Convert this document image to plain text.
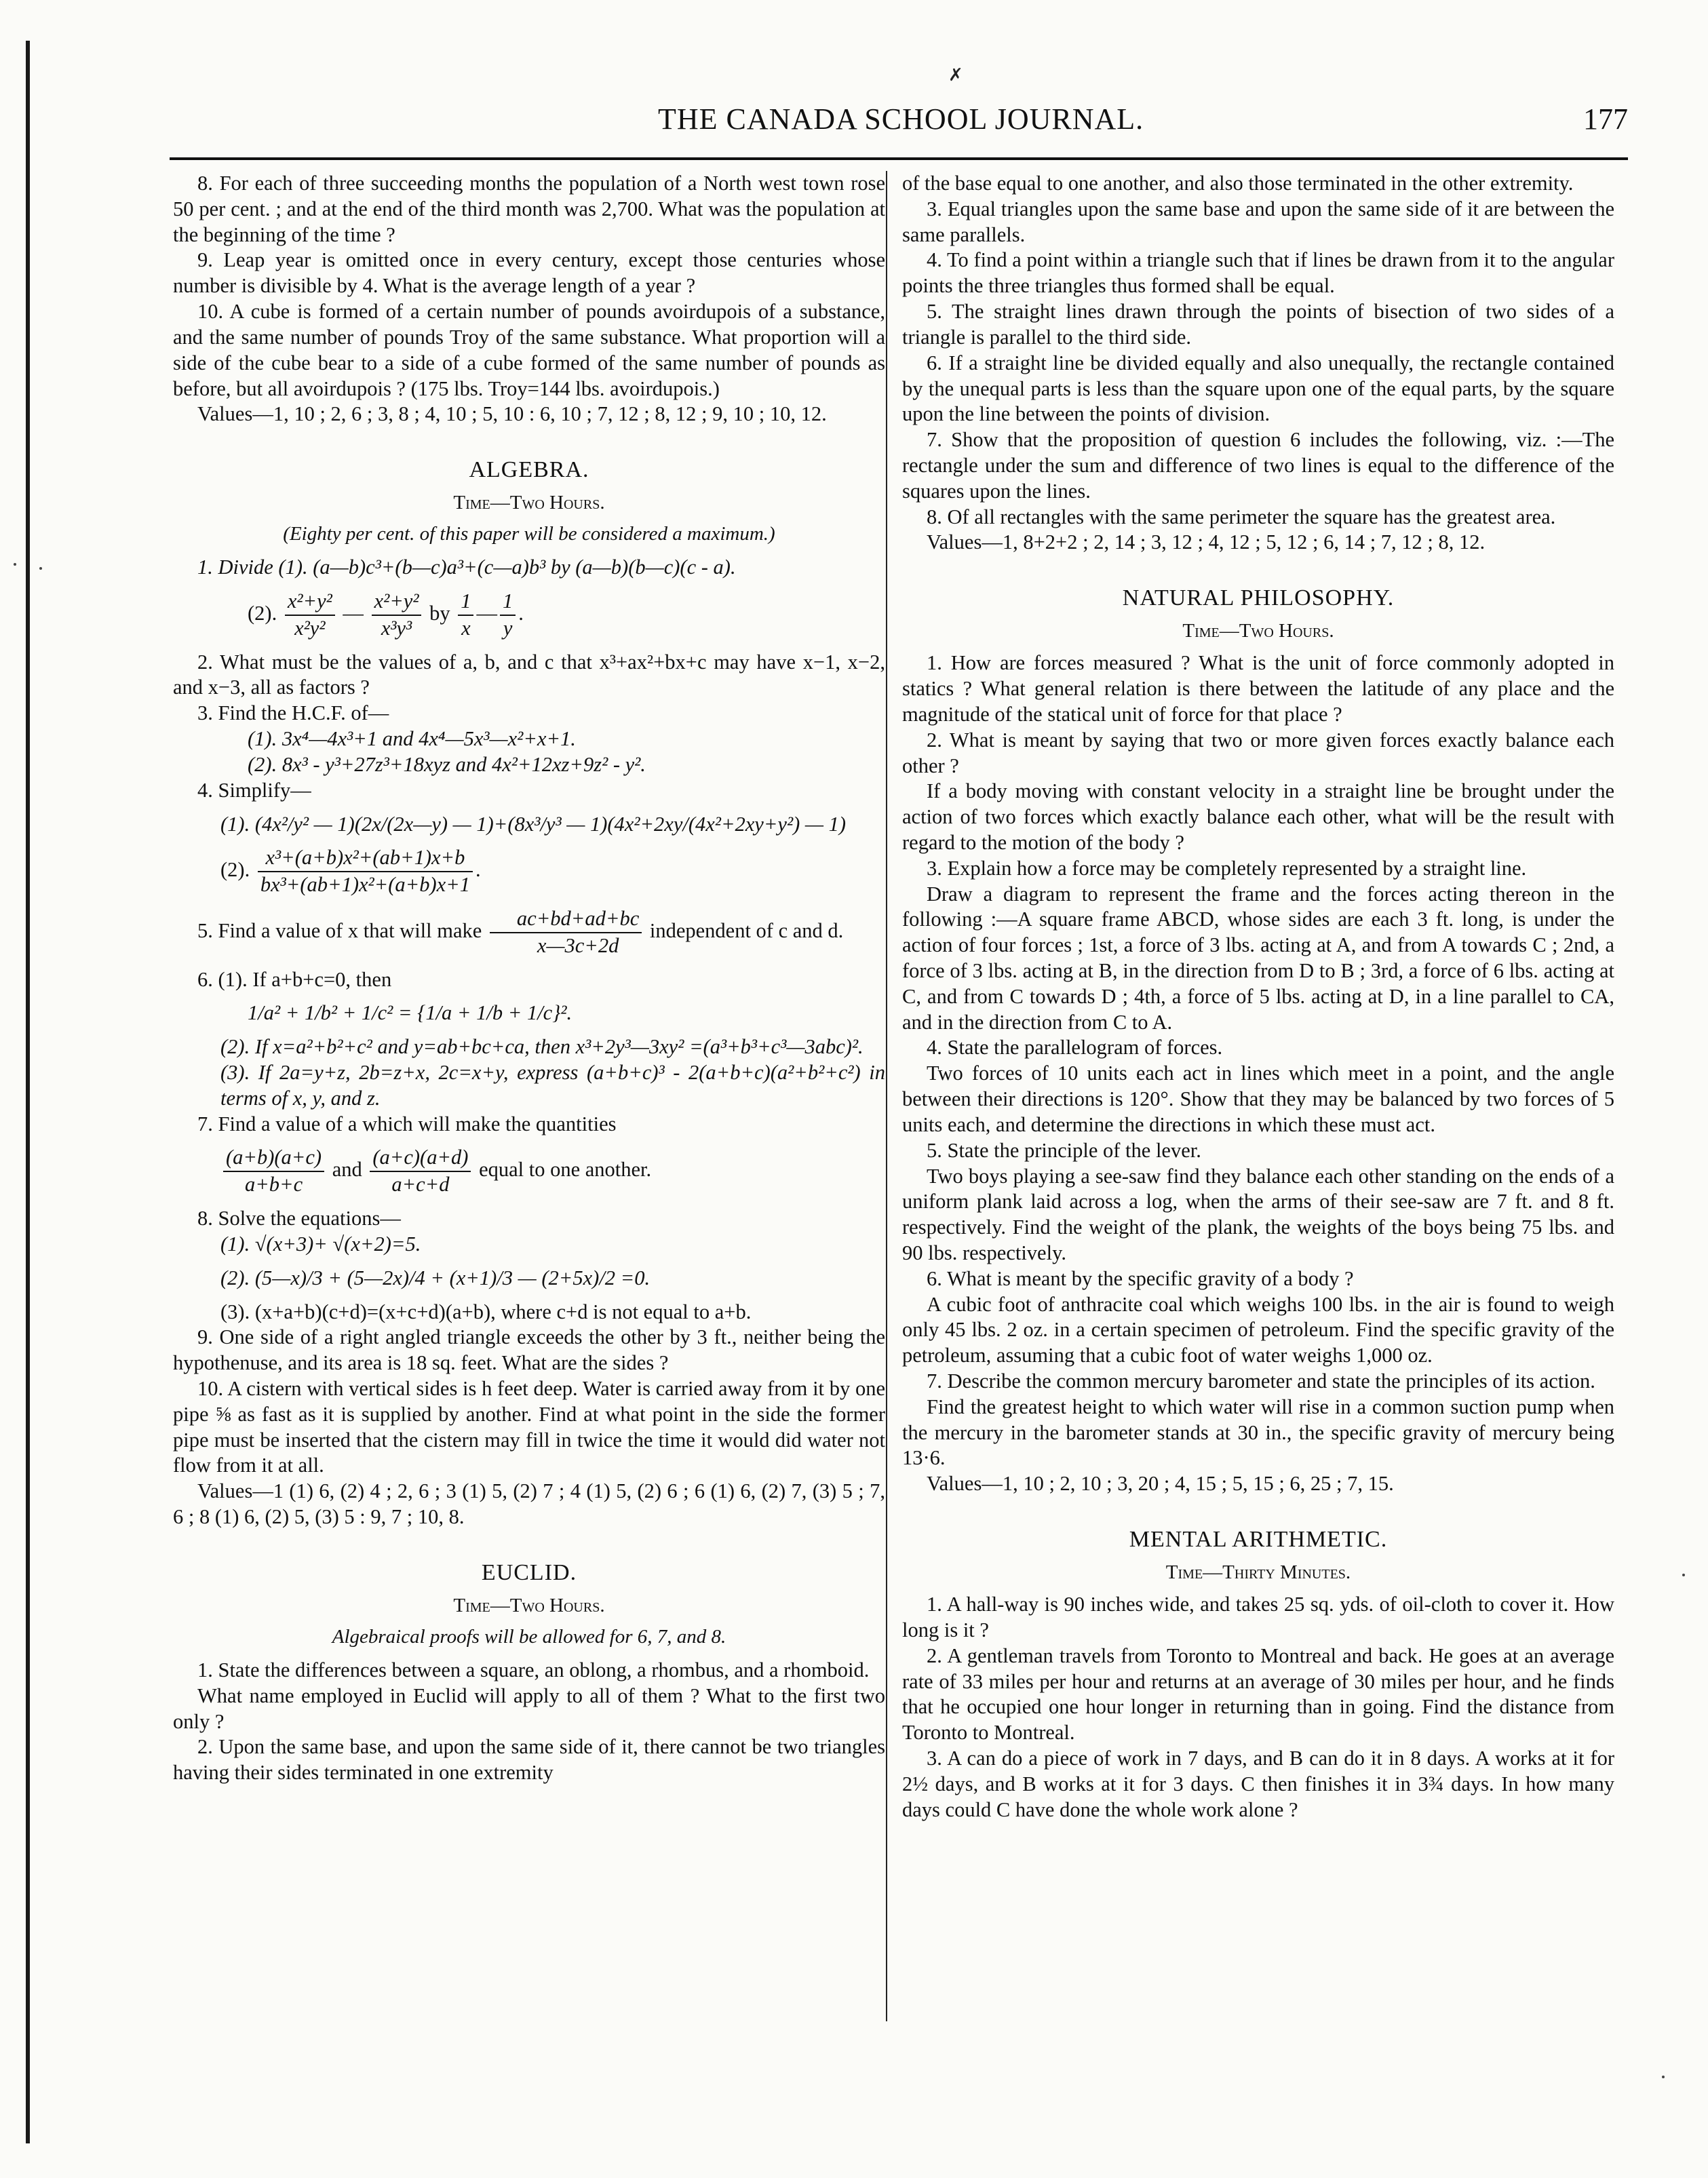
✗
THE CANADA SCHOOL JOURNAL.	177

8. For each of three succeeding months the population of a North west town rose 50 per cent. ; and at the end of the third month was 2,700. What was the population at the beginning of the time ?

9. Leap year is omitted once in every century, except those centuries whose number is divisible by 4. What is the average length of a year ?

10. A cube is formed of a certain number of pounds avoirdupois of a substance, and the same number of pounds Troy of the same substance. What proportion will a side of the cube bear to a side of a cube formed of the same number of pounds as before, but all avoirdupois ? (175 lbs. Troy=144 lbs. avoirdupois.)

Values—1, 10 ; 2, 6 ; 3, 8 ; 4, 10 ; 5, 10 : 6, 10 ; 7, 12 ; 8, 12 ; 9, 10 ; 10, 12.

ALGEBRA.

Time—Two Hours.

(Eighty per cent. of this paper will be considered a maximum.)

1. Divide (1). (a—b)c³+(b—c)a³+(c—a)b³ by (a—b)(b—c)(c - a).

(2). $\frac{\text{x²+y²}}{\text{x²y²}}$ — $\frac{\text{x²+y²}}{\text{x³y³}}$ by $\frac{1}{x}$ — $\frac{1}{y}$ .

2. What must be the values of a, b, and c that x³+ax²+bx+c may have x−1, x−2, and x−3, all as factors ?

3. Find the H.C.F. of—

(1). 3x⁴—4x³+1 and 4x⁴—5x³—x²+x+1.

(2). 8x³ - y³+27z³+18xyz and 4x²+12xz+9z² - y².

4. Simplify—

(1). (4x²/y² — 1)(2x/(2x—y) — 1)+(8x³/y³ — 1)(4x²+2xy/(4x²+2xy+y²) — 1)

(2). $\frac{\text{x³+(a+b)x²+(ab+1)x+b}}{\text{bx³+(ab+1)x²+(a+b)x+1}}$ .

5. Find a value of x that will make $\frac{ac+bd+ad+bc}{x—3c+2d}$ independent of c and d.

6. (1). If a+b+c=0, then

1/a² + 1/b² + 1/c² = {1/a + 1/b + 1/c}².

(2). If x=a²+b²+c² and y=ab+bc+ca, then x³+2y³—3xy² =(a³+b³+c³—3abc)².

(3). If 2a=y+z, 2b=z+x, 2c=x+y, express (a+b+c)³ - 2(a+b+c)(a²+b²+c²) in terms of x, y, and z.

7. Find a value of a which will make the quantities

$\frac{(a+b)(a+c)}{a+b+c}$ and $\frac{(a+c)(a+d)}{a+c+d}$ equal to one another.

8. Solve the equations—

(1). √(x+3)+ √(x+2)=5.

(2). (5—x)/3 + (5—2x)/4 + (x+1)/3 — (2+5x)/2 =0.

(3). (x+a+b)(c+d)=(x+c+d)(a+b), where c+d is not equal to a+b.

9. One side of a right angled triangle exceeds the other by 3 ft., neither being the hypothenuse, and its area is 18 sq. feet. What are the sides ?

10. A cistern with vertical sides is h feet deep. Water is carried away from it by one pipe ⅝ as fast as it is supplied by another. Find at what point in the side the former pipe must be inserted that the cistern may fill in twice the time it would did water not flow from it at all.

Values—1 (1) 6, (2) 4 ; 2, 6 ; 3 (1) 5, (2) 7 ; 4 (1) 5, (2) 6 ; 6 (1) 6, (2) 7, (3) 5 ; 7, 6 ; 8 (1) 6, (2) 5, (3) 5 : 9, 7 ; 10, 8.

EUCLID.

Time—Two Hours.

Algebraical proofs will be allowed for 6, 7, and 8.

1. State the differences between a square, an oblong, a rhombus, and a rhomboid.

What name employed in Euclid will apply to all of them ? What to the first two only ?

2. Upon the same base, and upon the same side of it, there cannot be two triangles having their sides terminated in one extremity

of the base equal to one another, and also those terminated in the other extremity.

3. Equal triangles upon the same base and upon the same side of it are between the same parallels.

4. To find a point within a triangle such that if lines be drawn from it to the angular points the three triangles thus formed shall be equal.

5. The straight lines drawn through the points of bisection of two sides of a triangle is parallel to the third side.

6. If a straight line be divided equally and also unequally, the rectangle contained by the unequal parts is less than the square upon one of the equal parts, by the square upon the line between the points of division.

7. Show that the proposition of question 6 includes the following, viz. :—The rectangle under the sum and difference of two lines is equal to the difference of the squares upon the lines.

8. Of all rectangles with the same perimeter the square has the greatest area.

Values—1, 8+2+2 ; 2, 14 ; 3, 12 ; 4, 12 ; 5, 12 ; 6, 14 ; 7, 12 ; 8, 12.

NATURAL PHILOSOPHY.

Time—Two Hours.

1. How are forces measured ? What is the unit of force commonly adopted in statics ? What general relation is there between the latitude of any place and the magnitude of the statical unit of force for that place ?

2. What is meant by saying that two or more given forces exactly balance each other ?

If a body moving with constant velocity in a straight line be brought under the action of two forces which exactly balance each other, what will be the result with regard to the motion of the body ?

3. Explain how a force may be completely represented by a straight line.

Draw a diagram to represent the frame and the forces acting thereon in the following :—A square frame ABCD, whose sides are each 3 ft. long, is under the action of four forces ; 1st, a force of 3 lbs. acting at A, and from A towards C ; 2nd, a force of 3 lbs. acting at B, in the direction from D to B ; 3rd, a force of 6 lbs. acting at C, and from C towards D ; 4th, a force of 5 lbs. acting at D, in a line parallel to CA, and in the direction from C to A.

4. State the parallelogram of forces.

Two forces of 10 units each act in lines which meet in a point, and the angle between their directions is 120°. Show that they may be balanced by two forces of 5 units each, and determine the directions in which these must act.

5. State the principle of the lever.

Two boys playing a see-saw find they balance each other standing on the ends of a uniform plank laid across a log, when the arms of their see-saw are 7 ft. and 8 ft. respectively. Find the weight of the plank, the weights of the boys being 75 lbs. and 90 lbs. respectively.

6. What is meant by the specific gravity of a body ?

A cubic foot of anthracite coal which weighs 100 lbs. in the air is found to weigh only 45 lbs. 2 oz. in a certain specimen of petroleum. Find the specific gravity of the petroleum, assuming that a cubic foot of water weighs 1,000 oz.

7. Describe the common mercury barometer and state the principles of its action.

Find the greatest height to which water will rise in a common suction pump when the mercury in the barometer stands at 30 in., the specific gravity of mercury being 13·6.

Values—1, 10 ; 2, 10 ; 3, 20 ; 4, 15 ; 5, 15 ; 6, 25 ; 7, 15.

MENTAL ARITHMETIC.

Time—Thirty Minutes.

1. A hall-way is 90 inches wide, and takes 25 sq. yds. of oil-cloth to cover it. How long is it ?

2. A gentleman travels from Toronto to Montreal and back. He goes at an average rate of 33 miles per hour and returns at an average of 30 miles per hour, and he finds that he occupied one hour longer in returning than in going. Find the distance from Toronto to Montreal.

3. A can do a piece of work in 7 days, and B can do it in 8 days. A works at it for 2½ days, and B works at it for 3 days. C then finishes it in 3¾ days. In how many days could C have done the whole work alone ?
